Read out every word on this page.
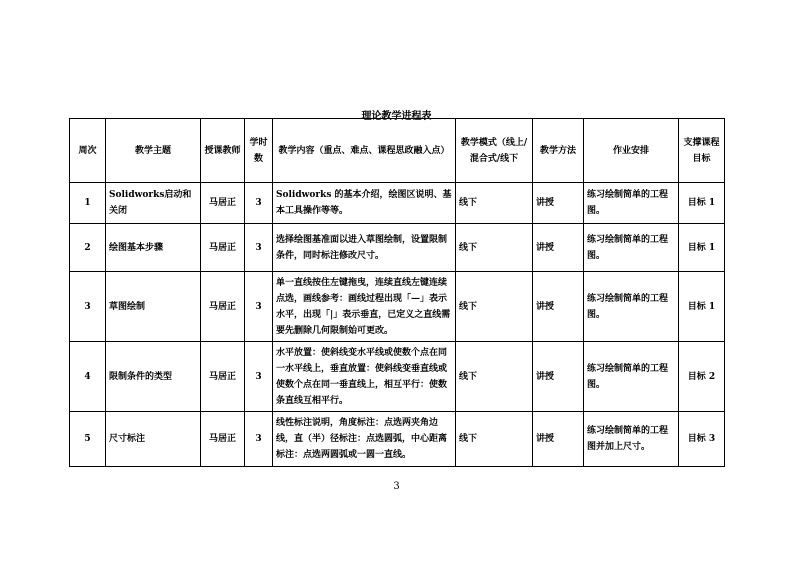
理论教学进程表
周次	教学主题	授课教师	学时数	教学内容（重点、难点、课程思政融入点）	教学模式（线上/混合式/线下	教学方法	作业安排	支撑课程目标
1	Solidworks启动和关闭	马居正	3	Solidworks 的基本介绍，绘图区说明、基本工具操作等等。	线下	讲授	练习绘制简单的工程图。	目标 1
2	绘图基本步骤	马居正	3	选择绘图基准面以进入草图绘制，设置限制条件，同时标注修改尺寸。	线下	讲授	练习绘制简单的工程图。	目标 1
3	草图绘制	马居正	3	单一直线按住左键拖曳，连续直线左键连续点选，画线参考：画线过程出现「—」表示水平，出现「|」表示垂直，已定义之直线需要先删除几何限制始可更改。	线下	讲授	练习绘制简单的工程图。	目标 1
4	限制条件的类型	马居正	3	水平放置：使斜线变水平线或使数个点在同一水平线上，垂直放置：使斜线变垂直线或使数个点在同一垂直线上，相互平行：使数条直线互相平行。	线下	讲授	练习绘制简单的工程图。	目标 2
5	尺寸标注	马居正	3	线性标注说明，角度标注：点选两夹角边线，直（半）径标注：点选圆弧，中心距离标注：点选两圆弧或一圆一直线。	线下	讲授	练习绘制简单的工程图并加上尺寸。	目标 3
3
